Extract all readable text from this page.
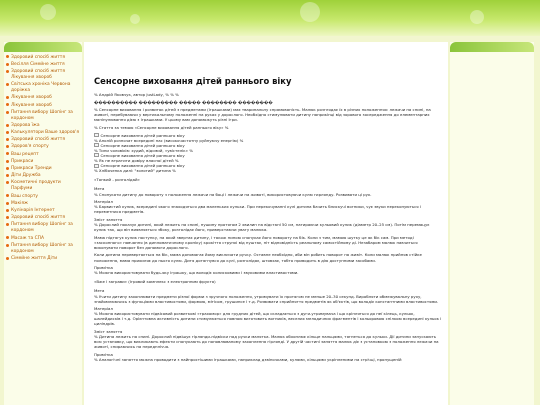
Здоровий спосіб життя
Весілля Сімейне життя
Здоровий спосіб життя Лікування хвороб
Світська хроніка Червона доріжка
Лікування хвороб
Лікування хвороб
Питання вибору Шопінг за кордоном
Здорова їжа
Калькулятори Ваше здоров'я
Здоровий спосіб життя
Здоров'я спорту
Ваш рецепт
Прикраси
Прикраси Тренди
Діти Дружба
Косметичні продукти Парфуми
Ваш спорту
Макіяж
Кулінарія Інтернет
Здоровий спосіб життя
Питання вибору Шопінг за кордоном
Масаж та СПА
Питання вибору Шопінг за кордоном
Сімейне життя Діти
Сенсорне виховання дітей раннього віку

% Андрій Яковчук, автор JustLady, % % %

���������� ��������� ����� �������� ��������

% Сенсорне виховання і розвиток дітей з предметами (іграшками) має тваринальну спрямованість. Малюк розглядає їх в різних положеннях: лежачи на спині, на животі, перебуваючи у вертикальному положенні на руках у дорослого. Необхідно стимулювати дитину наприкінці від зорового зосередження до елементарних маніпулювання дією з іграшками. У цьому вам допоможуть різні ігри.

% Стаття за темою «Сенсорне виховання дітей раннього віку» %

Сенсорне виховання дітей раннього віку

% Аполій розпочат всередині нас (високочастотну руйнуючу енергію) %

Сенсорне виховання дітей раннього віку

% Типи чоловіків: худий, відсмий, «увістелік» %

Сенсорне виховання дітей раннього віку

% Як не втратити довіру власної дітей %

Сенсорне виховання дітей раннього віку

% Хлібоченка дилі: "золотий" дитина %

«Тонкий - розголідай»

Мета

% Спонукати дитину до повороту з положення лежачи на боці і лежачи на животі, використовуючи кулю гирлянду. Розвивати ці рук.

Матеріал

% Барвистий кулик, всередині якого знаходяться два маленьких кульки. При перекочуванні кулі дитина бачить блискучі вогники, чує звуки переконуються і переметнися предметів.

Зміст заняття

% Дорослий показує дитині, який лежить на спині, пушину протягом 2 хвилин на відстані 50 см, натираючи кульовий кулик (діаметр 20–25 см). Потім перемацує кулик так, що він виявляється збоку, розголідає його, приверстаючи увагу малюка.

Мама підтягує кулик поступку, на який звертає дитину, і також ниною спонукає його повороту на бік. Коли з тим, мамою шутку це як бік сам. При методі «засконного» навчання (в дипломатичному кропіку) крокіття стрункі від пуштає, ніт відповідність реальному самостійному ді. Незабаром малюк навчиться виконувати поворот без допомоги дорослого.

Коли дитина перевертається на бік, мама допомагає йому викличати ручку. Оставне необхідно, аби він робить поворот на живіт. Коли малюк прийняв стійке положення, мама прихиляє до нього кулю. Дитя дотягнувся до кулі, розголідає, штовхає, тобто приводить в дію доступними засобами.

Примітка

% Можна використовувати будь-яку іграшку, що володіє колисковими і звуковими властивостями.

«Вже і заграви» (Ігровий комплекс з електронним фрукта)

Мета

% Учити дитину захоплювати предмети різної форми з зручного положення, утримувати їх протягом не менше 20–30 секунд. Виробляти обмежувальну руху, знайомлюючись з функціями властивостями, формою, мітісом, грушинсе і т.д. Розвивати сприйняття предметів як об'єктів, що володіє константними властивостями.

Матеріал

% Можна використовувати підвісовий розвиткові «трахомор» для грудних дітей, що складається з дуги-утримувача і що кріпляться до неї кілець, кульок, шалейдисків і т.д. Орієнтовна активність дитини стимулюється повною виготовить вогників, веселих мелодичних фрагментів і кольоровою спілкою всередині кульок і циліндрів.

Зміст заняття

% Дитина лежить на спині. Дорослий підвішує гірлянди-підвіски над ручки малятка. Малюк обхоплює кільце пальцями, тягнеться до кульки. Дії дитини запускають всю установку, що викликають ефекти спонукають до поновлюваному захоплення гірлянді. У другій частині заняття малюк діє з установкою з положення лежачи на животі, спираючись на передпліччя.

Примітка

% Аналогічні заняття можна проводити з найпростішими іграшками, наприклад дзвіночками, кулями, кільцями укріпленими на стрічці, пропущеній
